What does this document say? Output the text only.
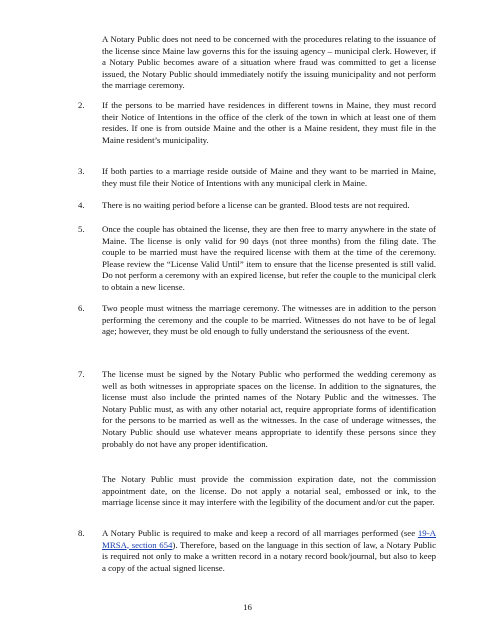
A Notary Public does not need to be concerned with the procedures relating to the issuance of the license since Maine law governs this for the issuing agency – municipal clerk. However, if a Notary Public becomes aware of a situation where fraud was committed to get a license issued, the Notary Public should immediately notify the issuing municipality and not perform the marriage ceremony.

2.	If the persons to be married have residences in different towns in Maine, they must record their Notice of Intentions in the office of the clerk of the town in which at least one of them resides. If one is from outside Maine and the other is a Maine resident, they must file in the Maine resident’s municipality.

3.	If both parties to a marriage reside outside of Maine and they want to be married in Maine, they must file their Notice of Intentions with any municipal clerk in Maine.

4.	There is no waiting period before a license can be granted. Blood tests are not required.

5.	Once the couple has obtained the license, they are then free to marry anywhere in the state of Maine. The license is only valid for 90 days (not three months) from the filing date. The couple to be married must have the required license with them at the time of the ceremony. Please review the “License Valid Until” item to ensure that the license presented is still valid. Do not perform a ceremony with an expired license, but refer the couple to the municipal clerk to obtain a new license.

6.	Two people must witness the marriage ceremony. The witnesses are in addition to the person performing the ceremony and the couple to be married. Witnesses do not have to be of legal age; however, they must be old enough to fully understand the seriousness of the event.

7.	The license must be signed by the Notary Public who performed the wedding ceremony as well as both witnesses in appropriate spaces on the license. In addition to the signatures, the license must also include the printed names of the Notary Public and the witnesses. The Notary Public must, as with any other notarial act, require appropriate forms of identification for the persons to be married as well as the witnesses. In the case of underage witnesses, the Notary Public should use whatever means appropriate to identify these persons since they probably do not have any proper identification.

The Notary Public must provide the commission expiration date, not the commission appointment date, on the license. Do not apply a notarial seal, embossed or ink, to the marriage license since it may interfere with the legibility of the document and/or cut the paper.

8.	A Notary Public is required to make and keep a record of all marriages performed (see 19-A MRSA, section 654). Therefore, based on the language in this section of law, a Notary Public is required not only to make a written record in a notary record book/journal, but also to keep a copy of the actual signed license.

16
